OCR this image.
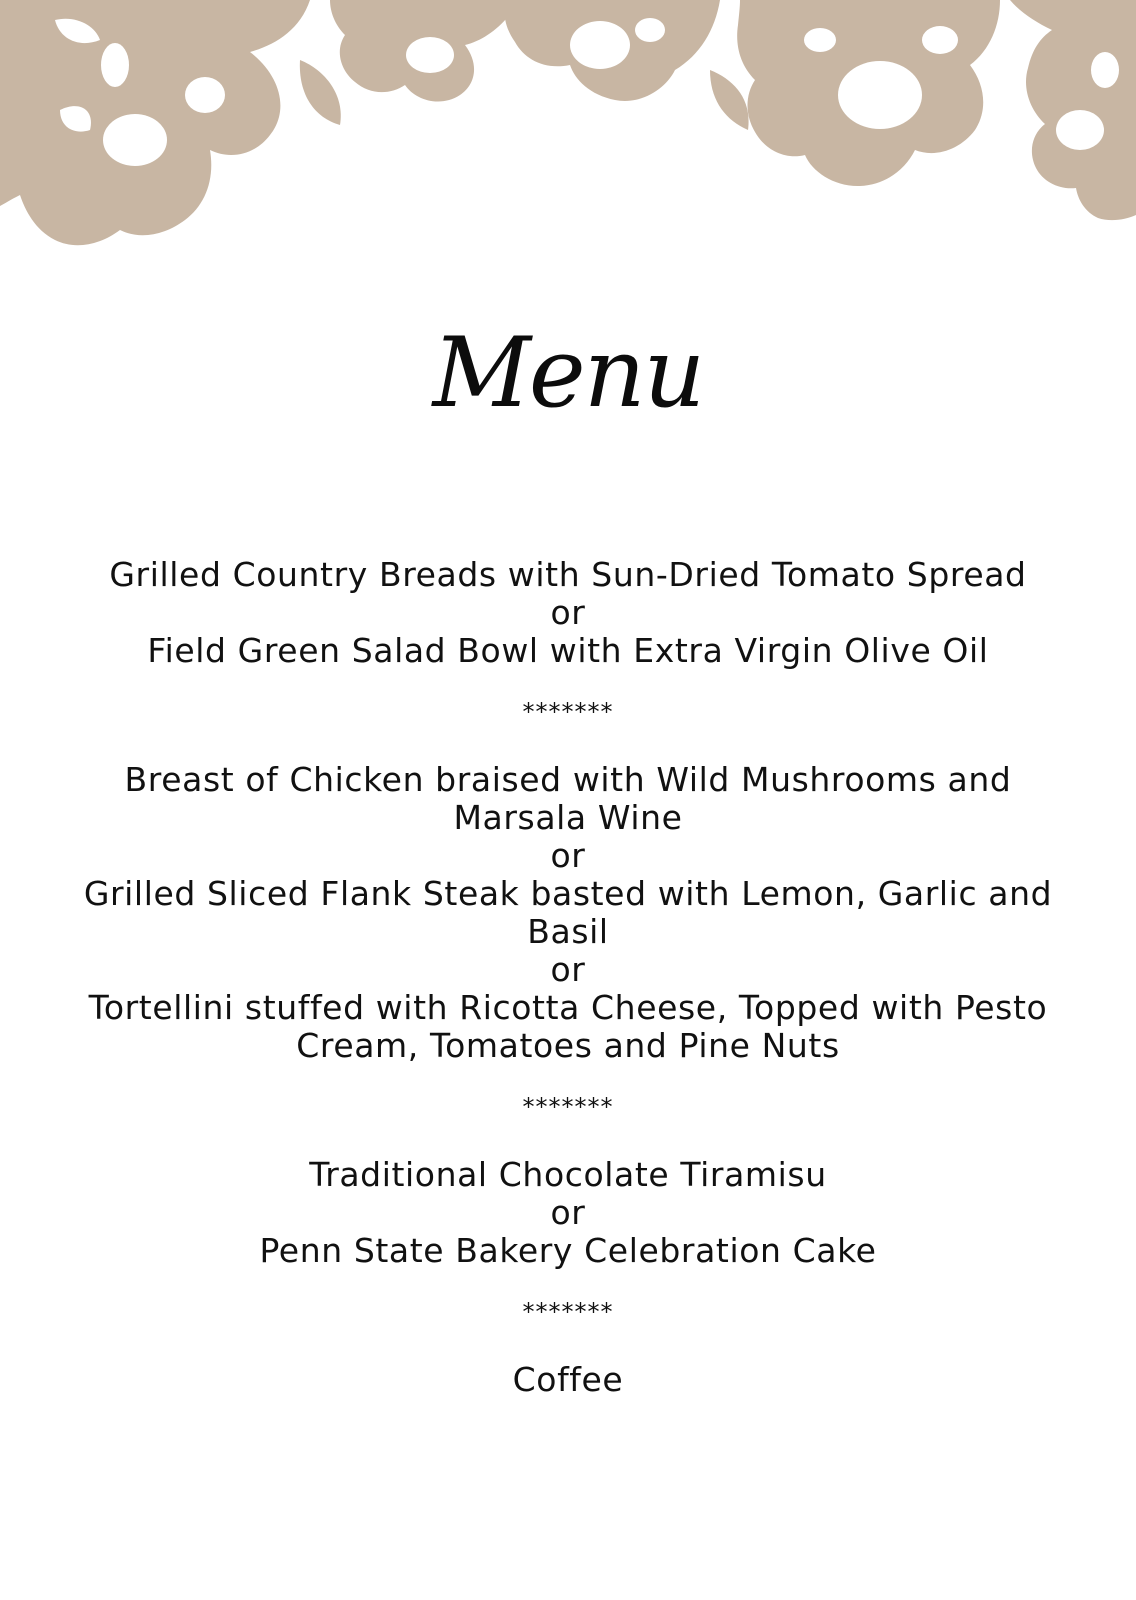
Menu

Grilled Country Breads with Sun-Dried Tomato Spread

or

Field Green Salad Bowl with Extra Virgin Olive Oil

*******

Breast of Chicken braised with Wild Mushrooms and Marsala Wine

or

Grilled Sliced Flank Steak basted with Lemon, Garlic and Basil

or

Tortellini stuffed with Ricotta Cheese, Topped with Pesto Cream, Tomatoes and Pine Nuts

*******

Traditional Chocolate Tiramisu

or

Penn State Bakery Celebration Cake

*******

Coffee
